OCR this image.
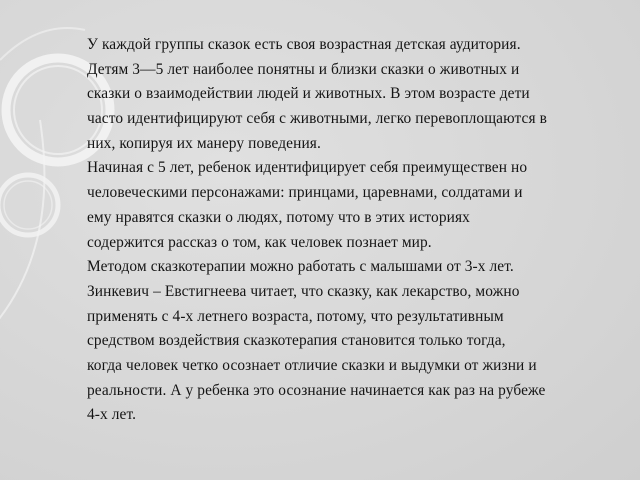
У каждой группы сказок есть своя возрастная детская аудитория.
Детям 3—5 лет наиболее понятны и близки сказки о животных и
сказки о взаимодействии людей и животных. В этом возрасте дети
часто идентифицируют себя с животными, легко перевоплощаются в
них, копируя их манеру поведения.
Начиная с 5 лет, ребенок идентифицирует себя преимуществен но
человеческими персонажами: принцами, царевнами, солдатами и
ему нравятся сказки о людях, потому что в этих историях
содержится рассказ о том, как человек познает мир.
Методом сказкотерапии можно работать с малышами от 3-х лет.
Зинкевич – Евстигнеева читает, что сказку, как лекарство, можно
применять с 4-х летнего возраста, потому, что результативным
средством воздействия сказкотерапия становится только тогда,
когда человек четко осознает отличие сказки и выдумки от жизни и
реальности. А у ребенка это осознание начинается как раз на рубеже
4-х лет.
